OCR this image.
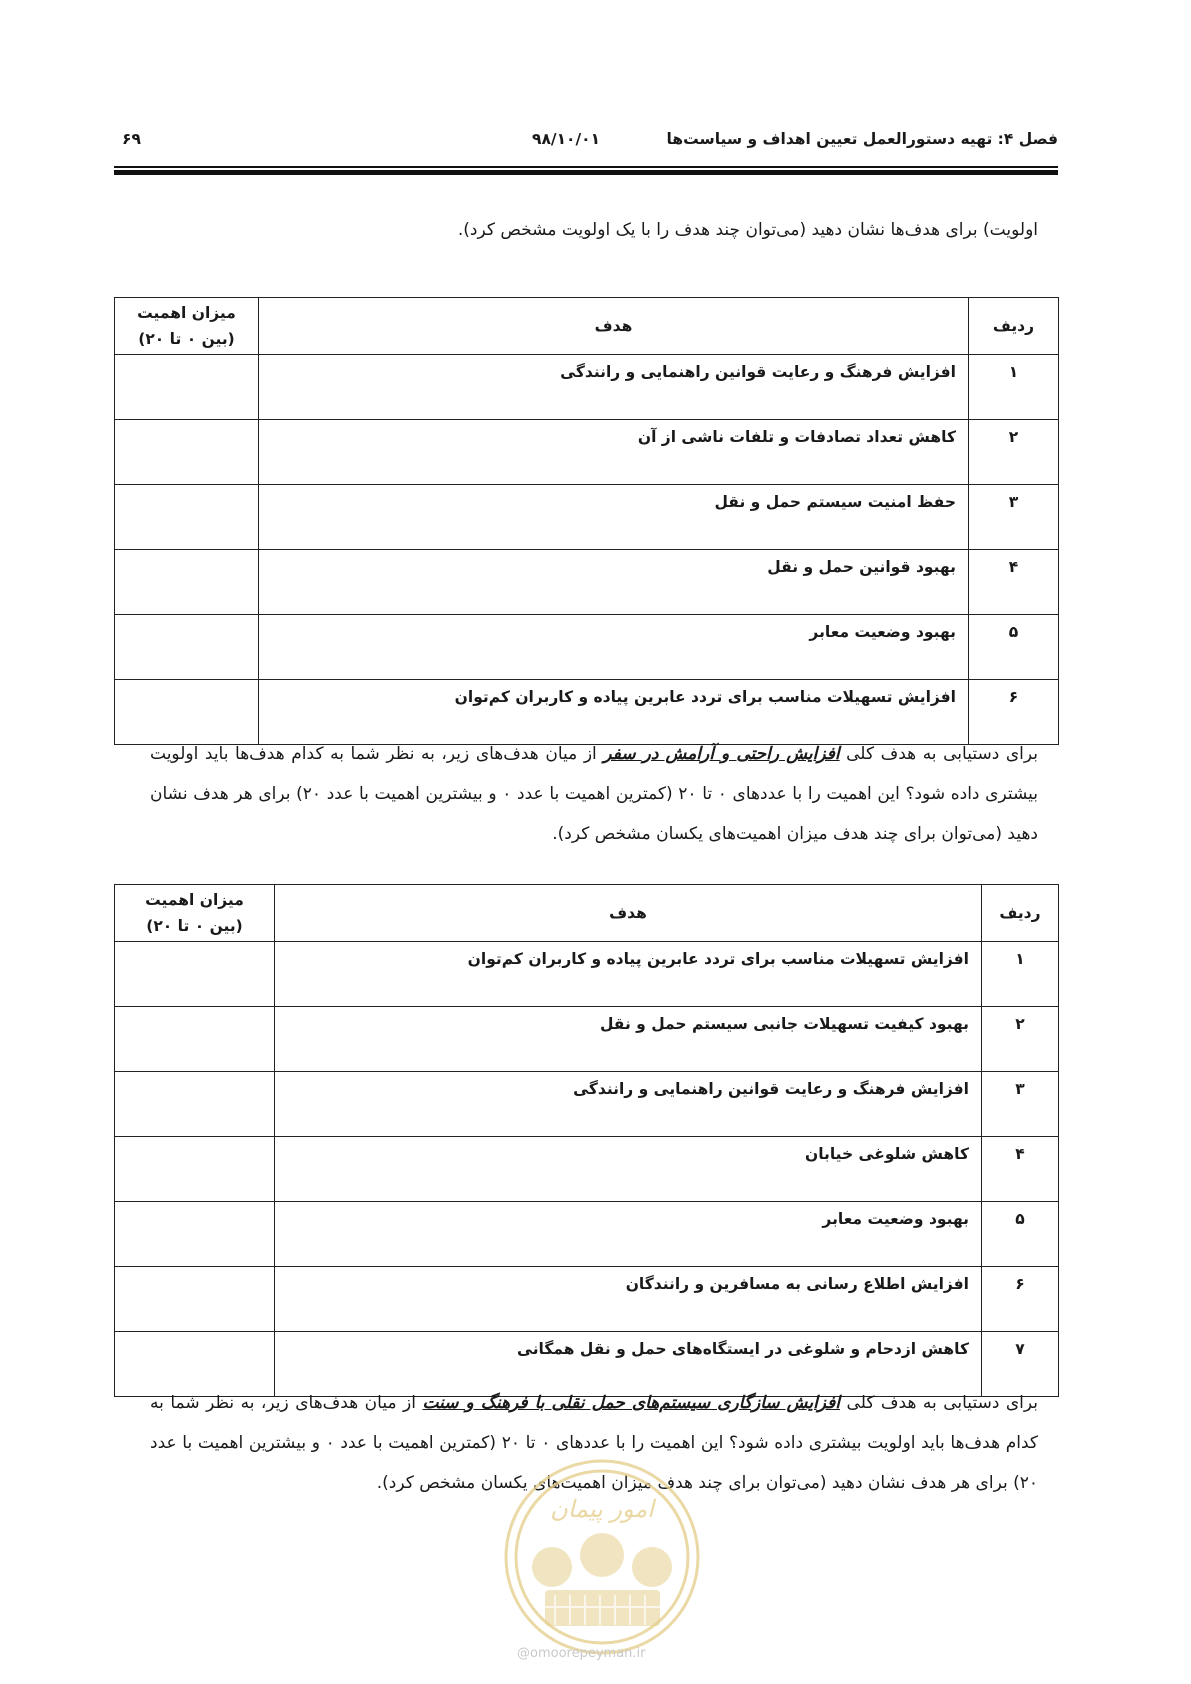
فصل ۴: تهیه دستورالعمل تعیین اهداف و سیاست‌ها
۹۸/۱۰/۰۱
۶۹
اولویت) برای هدف‌ها نشان دهید (می‌توان چند هدف را با یک اولویت مشخص کرد).
ردیف	هدف	میزان اهمیت
(بین ۰ تا ۲۰)

۱	افزایش فرهنگ و رعایت قوانین راهنمایی و رانندگی	
۲	کاهش تعداد تصادفات و تلفات ناشی از آن	
۳	حفظ امنیت سیستم حمل و نقل	
۴	بهبود قوانین حمل و نقل	
۵	بهبود وضعیت معابر	
۶	افزایش تسهیلات مناسب برای تردد عابرین پیاده و کاربران کم‌توان	
برای دستیابی به هدف کلی افزایش راحتی و آرامش در سفر از میان هدف‌های زیر، به نظر شما به کدام هدف‌ها باید اولویت بیشتری داده شود؟ این اهمیت را با عددهای ۰ تا ۲۰ (کمترین اهمیت با عدد ۰ و بیشترین اهمیت با عدد ۲۰) برای هر هدف نشان دهید (می‌توان برای چند هدف میزان اهمیت‌های یکسان مشخص کرد).
ردیف	هدف	میزان اهمیت
(بین ۰ تا ۲۰)

۱	افزایش تسهیلات مناسب برای تردد عابرین پیاده و کاربران کم‌توان	
۲	بهبود کیفیت تسهیلات جانبی سیستم حمل و نقل	
۳	افزایش فرهنگ و رعایت قوانین راهنمایی و رانندگی	
۴	کاهش شلوغی خیابان	
۵	بهبود وضعیت معابر	
۶	افزایش اطلاع رسانی به مسافرین و رانندگان	
۷	کاهش ازدحام و شلوغی در ایستگاه‌های حمل و نقل همگانی	
برای دستیابی به هدف کلی افزایش سازگاری سیستم‌های حمل نقلی با فرهنگ و سنت از میان هدف‌های زیر، به نظر شما به کدام هدف‌ها باید اولویت بیشتری داده شود؟ این اهمیت را با عددهای ۰ تا ۲۰ (کمترین اهمیت با عدد ۰ و بیشترین اهمیت با عدد ۲۰) برای هر هدف نشان دهید (می‌توان برای چند هدف میزان اهمیت‌های یکسان مشخص کرد).
امور پیمان
@omoorepeyman.ir
